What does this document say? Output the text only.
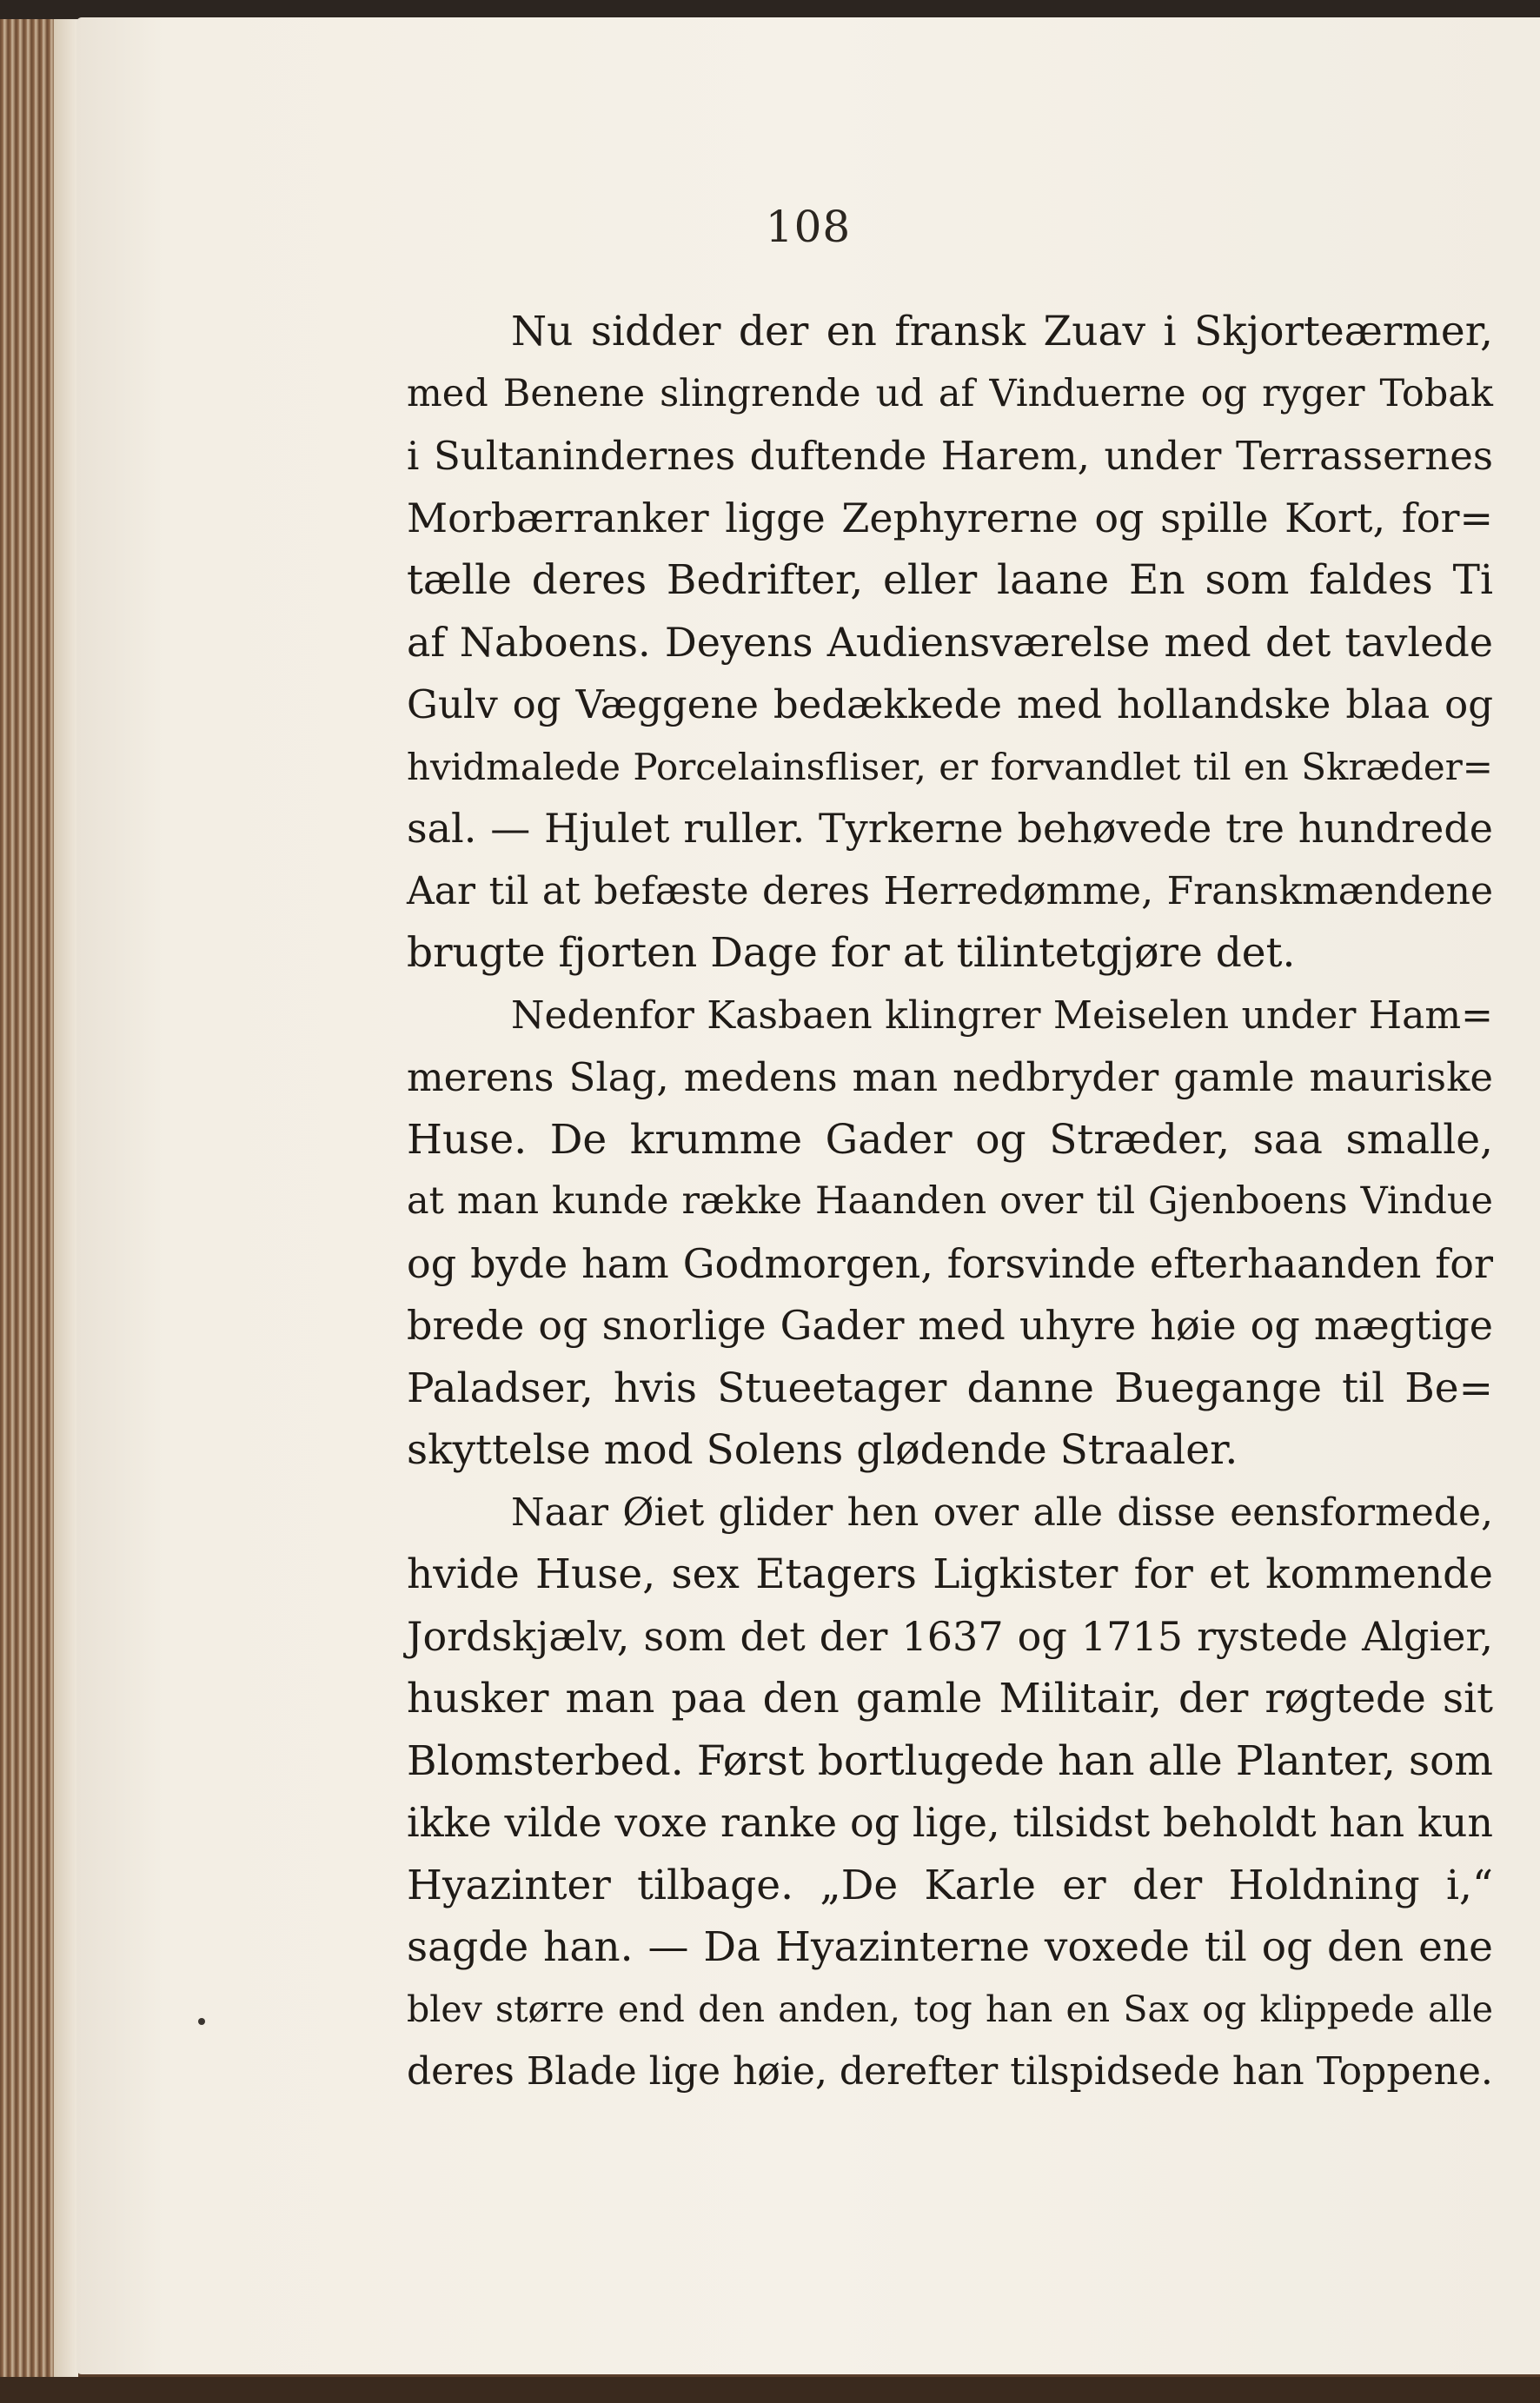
108
Nu sidder der en fransk Zuav i Skjorteærmer,
med Benene slingrende ud af Vinduerne og ryger Tobak
i Sultanindernes duftende Harem, under Terrassernes
Morbærranker ligge Zephyrerne og spille Kort, for=
tælle deres Bedrifter, eller laane En som faldes Ti
af Naboens. Deyens Audiensværelse med det tavlede
Gulv og Væggene bedækkede med hollandske blaa og
hvidmalede Porcelainsfliser, er forvandlet til en Skræder=
sal. — Hjulet ruller. Tyrkerne behøvede tre hundrede
Aar til at befæste deres Herredømme, Franskmændene
brugte fjorten Dage for at tilintetgjøre det.
Nedenfor Kasbaen klingrer Meiselen under Ham=
merens Slag, medens man nedbryder gamle mauriske
Huse. De krumme Gader og Stræder, saa smalle,
at man kunde række Haanden over til Gjenboens Vindue
og byde ham Godmorgen, forsvinde efterhaanden for
brede og snorlige Gader med uhyre høie og mægtige
Paladser, hvis Stueetager danne Buegange til Be=
skyttelse mod Solens glødende Straaler.
Naar Øiet glider hen over alle disse eensformede,
hvide Huse, sex Etagers Ligkister for et kommende
Jordskjælv, som det der 1637 og 1715 rystede Algier,
husker man paa den gamle Militair, der røgtede sit
Blomsterbed. Først bortlugede han alle Planter, som
ikke vilde voxe ranke og lige, tilsidst beholdt han kun
Hyazinter tilbage. „De Karle er der Holdning i,“
sagde han. — Da Hyazinterne voxede til og den ene
blev større end den anden, tog han en Sax og klippede alle
deres Blade lige høie, derefter tilspidsede han Toppene.
